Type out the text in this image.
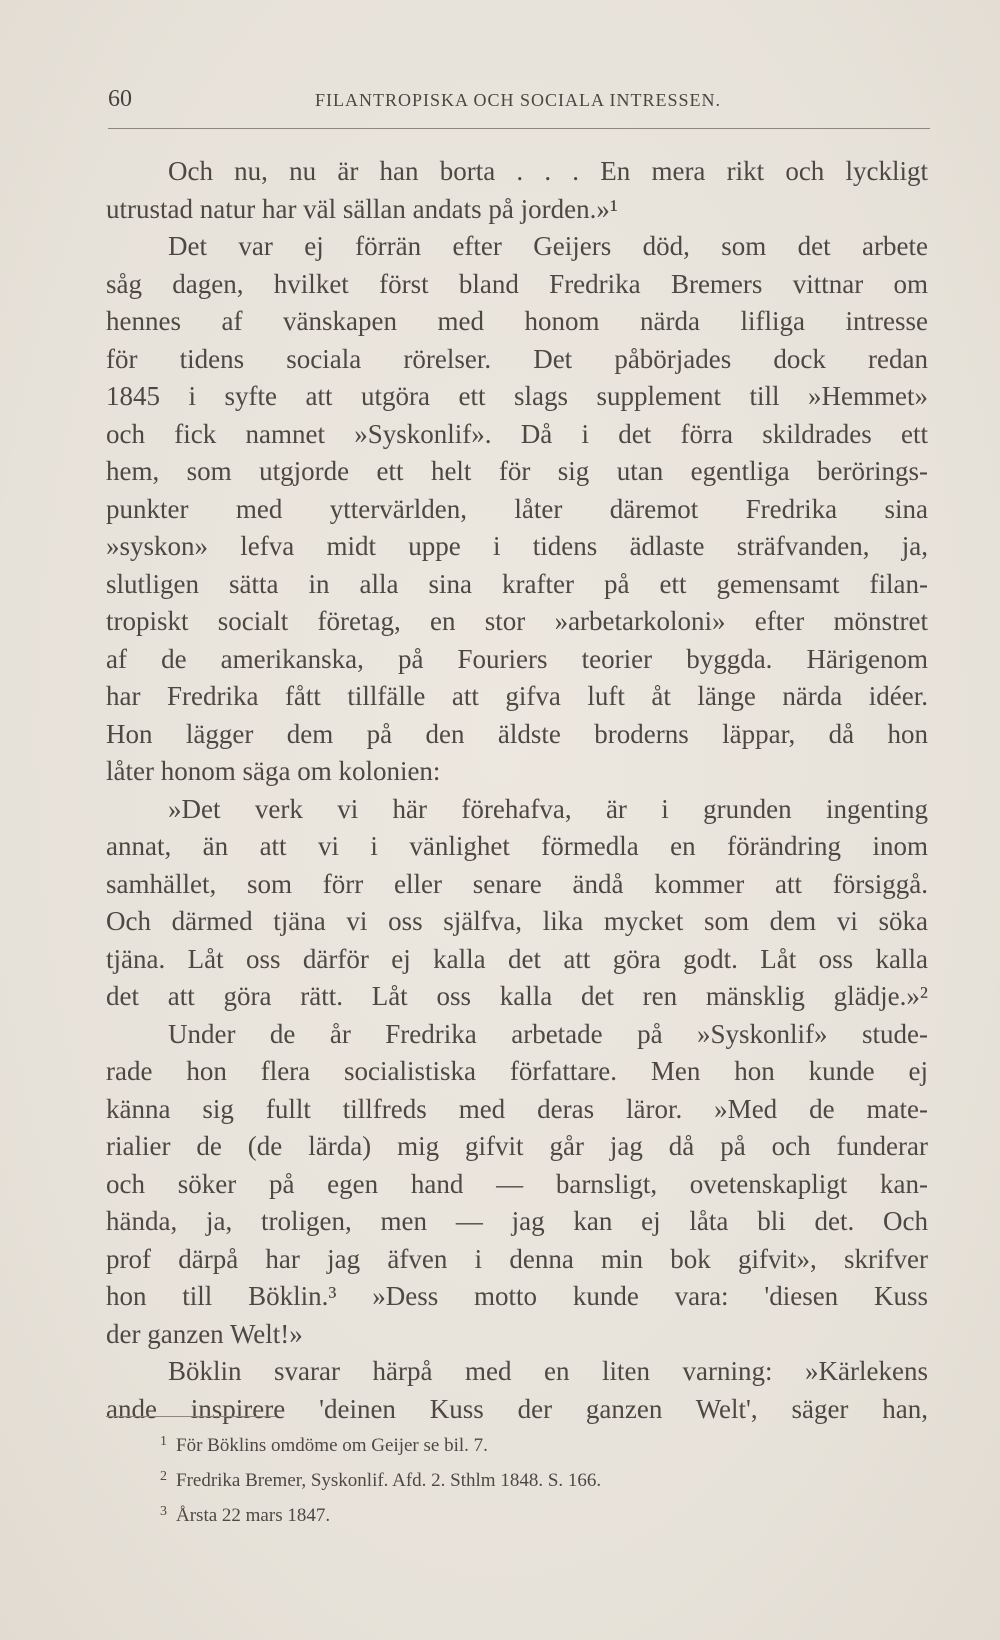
60	FILANTROPISKA OCH SOCIALA INTRESSEN.
Och nu, nu är han borta . . . En mera rikt och lyckligt
utrustad natur har väl sällan andats på jorden.»¹
Det var ej förrän efter Geijers död, som det arbete
såg dagen, hvilket först bland Fredrika Bremers vittnar om
hennes af vänskapen med honom närda lifliga intresse
för tidens sociala rörelser. Det påbörjades dock redan
1845 i syfte att utgöra ett slags supplement till »Hemmet»
och fick namnet »Syskonlif». Då i det förra skildrades ett
hem, som utgjorde ett helt för sig utan egentliga berörings-
punkter med yttervärlden, låter däremot Fredrika sina
»syskon» lefva midt uppe i tidens ädlaste sträfvanden, ja,
slutligen sätta in alla sina krafter på ett gemensamt filan-
tropiskt socialt företag, en stor »arbetarkoloni» efter mönstret
af de amerikanska, på Fouriers teorier byggda. Härigenom
har Fredrika fått tillfälle att gifva luft åt länge närda idéer.
Hon lägger dem på den äldste broderns läppar, då hon
låter honom säga om kolonien:
»Det verk vi här förehafva, är i grunden ingenting
annat, än att vi i vänlighet förmedla en förändring inom
samhället, som förr eller senare ändå kommer att försiggå.
Och därmed tjäna vi oss själfva, lika mycket som dem vi söka
tjäna. Låt oss därför ej kalla det att göra godt. Låt oss kalla
det att göra rätt. Låt oss kalla det ren mänsklig glädje.»²
Under de år Fredrika arbetade på »Syskonlif» stude-
rade hon flera socialistiska författare. Men hon kunde ej
känna sig fullt tillfreds med deras läror. »Med de mate-
rialier de (de lärda) mig gifvit går jag då på och funderar
och söker på egen hand — barnsligt, ovetenskapligt kan-
hända, ja, troligen, men — jag kan ej låta bli det. Och
prof därpå har jag äfven i denna min bok gifvit», skrifver
hon till Böklin.³ »Dess motto kunde vara: 'diesen Kuss
der ganzen Welt!»
Böklin svarar härpå med en liten varning: »Kärlekens
ande inspirere 'deinen Kuss der ganzen Welt', säger han,
1 För Böklins omdöme om Geijer se bil. 7.
2 Fredrika Bremer, Syskonlif. Afd. 2. Sthlm 1848. S. 166.
3 Årsta 22 mars 1847.
